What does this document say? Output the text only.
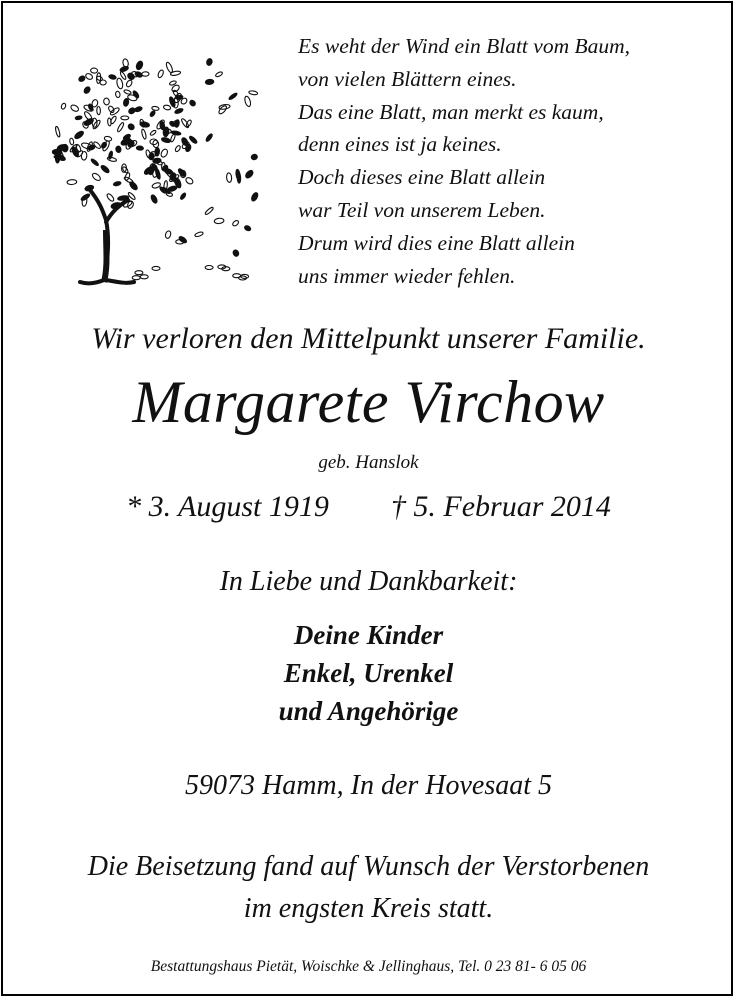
Es weht der Wind ein Blatt vom Baum,
von vielen Blättern eines.
Das eine Blatt, man merkt es kaum,
denn eines ist ja keines.
Doch dieses eine Blatt allein
war Teil von unserem Leben.
Drum wird dies eine Blatt allein
uns immer wieder fehlen.
Wir verloren den Mittelpunkt unserer Familie.
Margarete Virchow
geb. Hanslok
* 3. August 1919 † 5. Februar 2014
In Liebe und Dankbarkeit:
Deine Kinder
Enkel, Urenkel
und Angehörige
59073 Hamm, In der Hovesaat 5
Die Beisetzung fand auf Wunsch der Verstorbenen
im engsten Kreis statt.
Bestattungshaus Pietät, Woischke & Jellinghaus, Tel. 0 23 81- 6 05 06
